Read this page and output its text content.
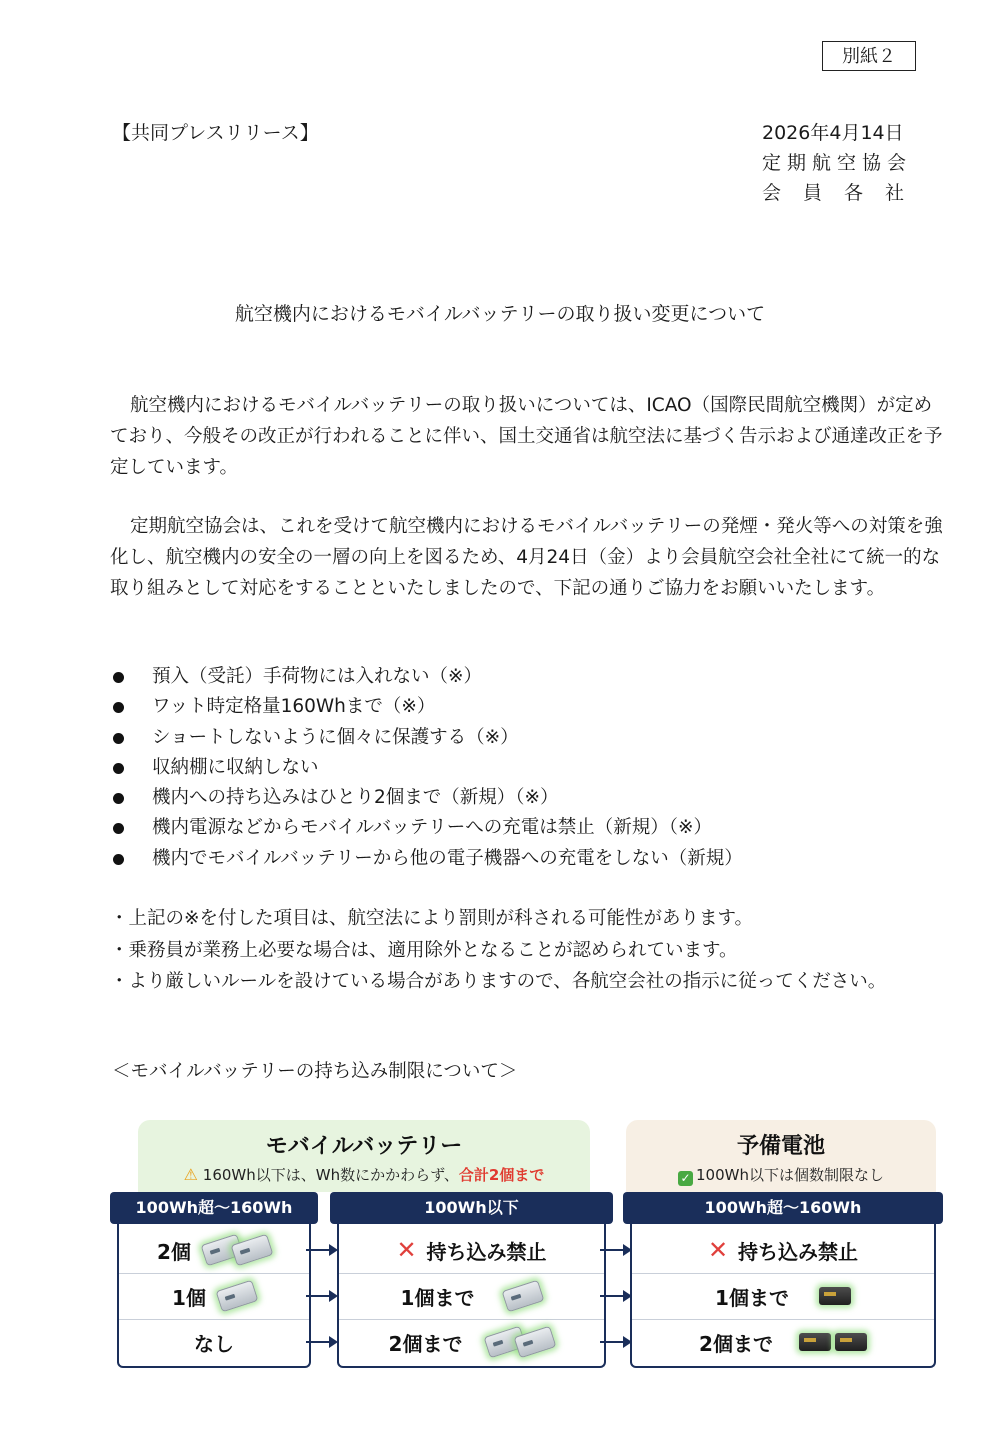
別紙２
【共同プレスリリース】	2026年4月14日
定期航空協会
会員各社
航空機内におけるモバイルバッテリーの取り扱い変更について
航空機内におけるモバイルバッテリーの取り扱いについては、ICAO（国際民間航空機関）が定めており、今般その改正が行われることに伴い、国土交通省は航空法に基づく告示および通達改正を予定しています。
定期航空協会は、これを受けて航空機内におけるモバイルバッテリーの発煙・発火等への対策を強化し、航空機内の安全の一層の向上を図るため、4月24日（金）より会員航空会社全社にて統一的な取り組みとして対応をすることといたしましたので、下記の通りご協力をお願いいたします。
預入（受託）手荷物には入れない（※）
ワット時定格量160Whまで（※）
ショートしないように個々に保護する（※）
収納棚に収納しない
機内への持ち込みはひとり2個まで（新規）（※）
機内電源などからモバイルバッテリーへの充電は禁止（新規）（※）
機内でモバイルバッテリーから他の電子機器への充電をしない（新規）
・上記の※を付した項目は、航空法により罰則が科される可能性があります。
・乗務員が業務上必要な場合は、適用除外となることが認められています。
・より厳しいルールを設けている場合がありますので、各航空会社の指示に従ってください。
＜モバイルバッテリーの持ち込み制限について＞
モバイルバッテリー
⚠ 160Wh以下は、Wh数にかかわらず、合計2個まで
予備電池
✓ 100Wh以下は個数制限なし
100Wh超〜160Wh
2個
1個
なし
100Wh以下
✕ 持ち込み禁止
1個まで
2個まで
100Wh超〜160Wh
✕ 持ち込み禁止
1個まで
2個まで
